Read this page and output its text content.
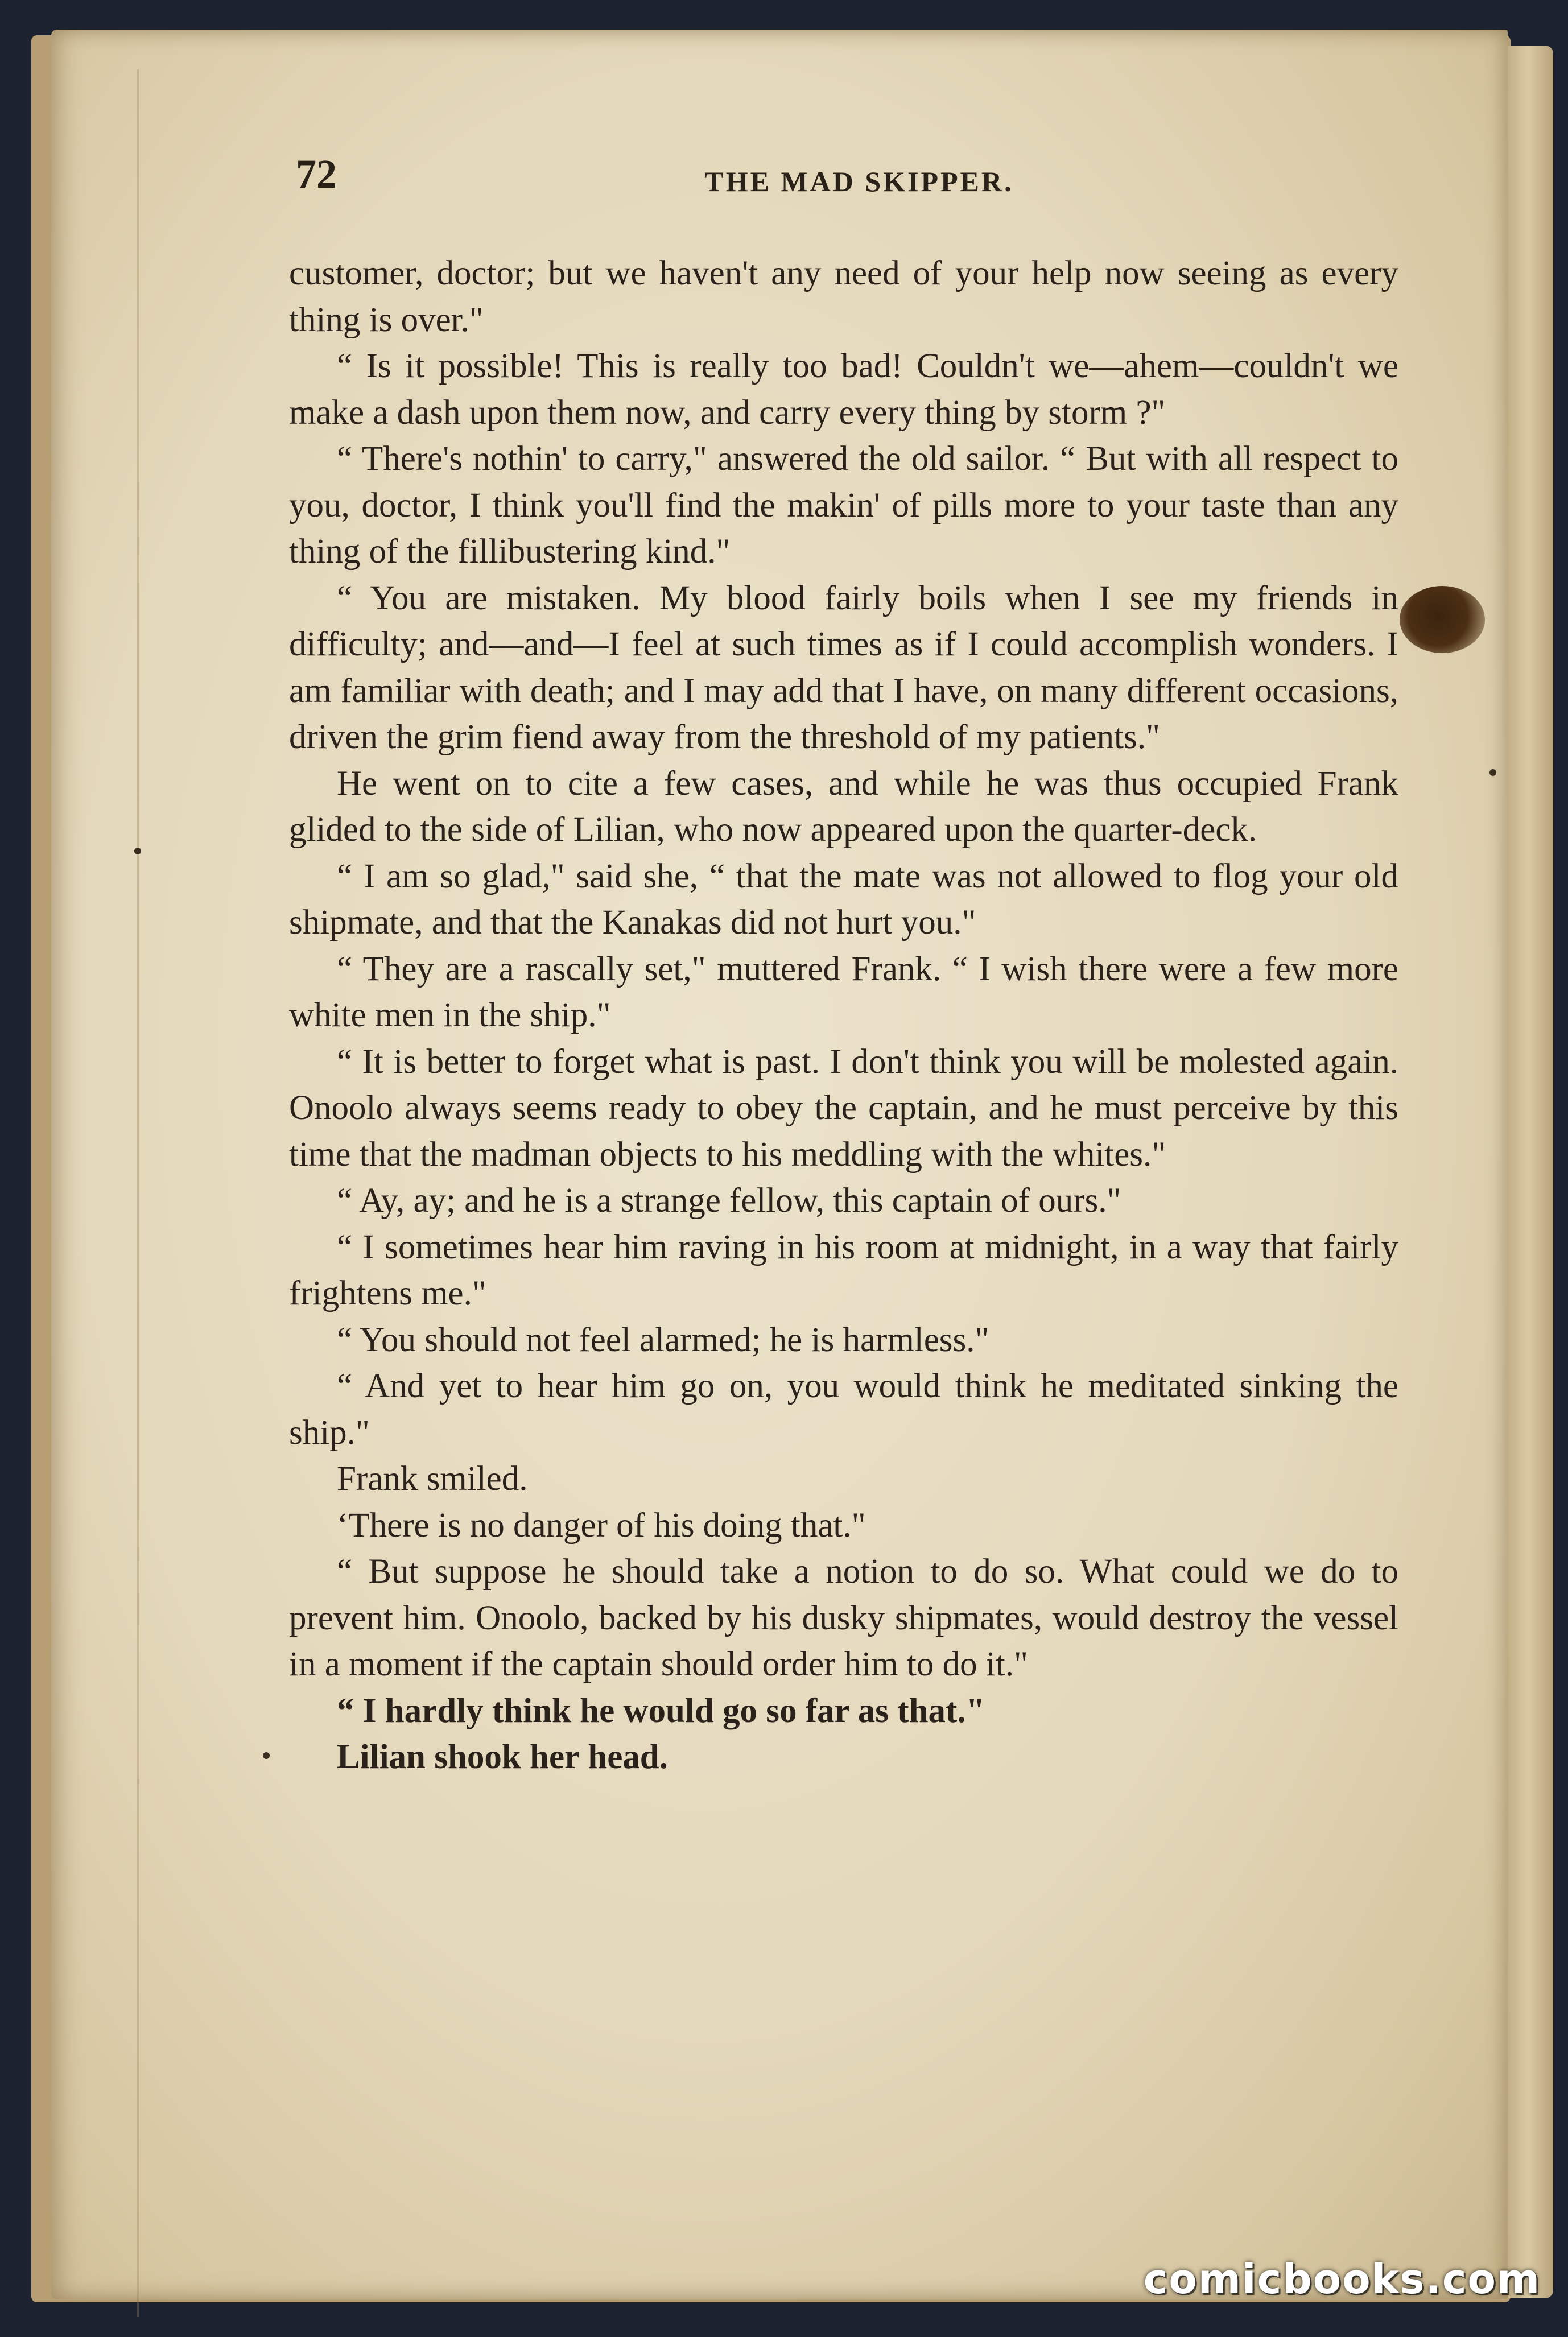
72	THE MAD SKIPPER.

customer, doctor; but we haven't any need of your help now seeing as every thing is over."

“ Is it possible! This is really too bad! Couldn't we—ahem—couldn't we make a dash upon them now, and carry every thing by storm ?"

“ There's nothin' to carry," answered the old sailor. “ But with all respect to you, doctor, I think you'll find the makin' of pills more to your taste than any thing of the fillibustering kind."

“ You are mistaken. My blood fairly boils when I see my friends in difficulty; and—and—I feel at such times as if I could accomplish wonders. I am familiar with death; and I may add that I have, on many different occasions, driven the grim fiend away from the threshold of my patients."

He went on to cite a few cases, and while he was thus occupied Frank glided to the side of Lilian, who now appeared upon the quarter-deck.

“ I am so glad," said she, “ that the mate was not allowed to flog your old shipmate, and that the Kanakas did not hurt you."

“ They are a rascally set," muttered Frank. “ I wish there were a few more white men in the ship."

“ It is better to forget what is past. I don't think you will be molested again. Onoolo always seems ready to obey the captain, and he must perceive by this time that the madman objects to his meddling with the whites."

“ Ay, ay; and he is a strange fellow, this captain of ours."

“ I sometimes hear him raving in his room at midnight, in a way that fairly frightens me."

“ You should not feel alarmed; he is harmless."

“ And yet to hear him go on, you would think he meditated sinking the ship."

Frank smiled.

‘There is no danger of his doing that."

“ But suppose he should take a notion to do so. What could we do to prevent him. Onoolo, backed by his dusky shipmates, would destroy the vessel in a moment if the captain should order him to do it."

“ I hardly think he would go so far as that."

Lilian shook her head.

comicbooks.com
